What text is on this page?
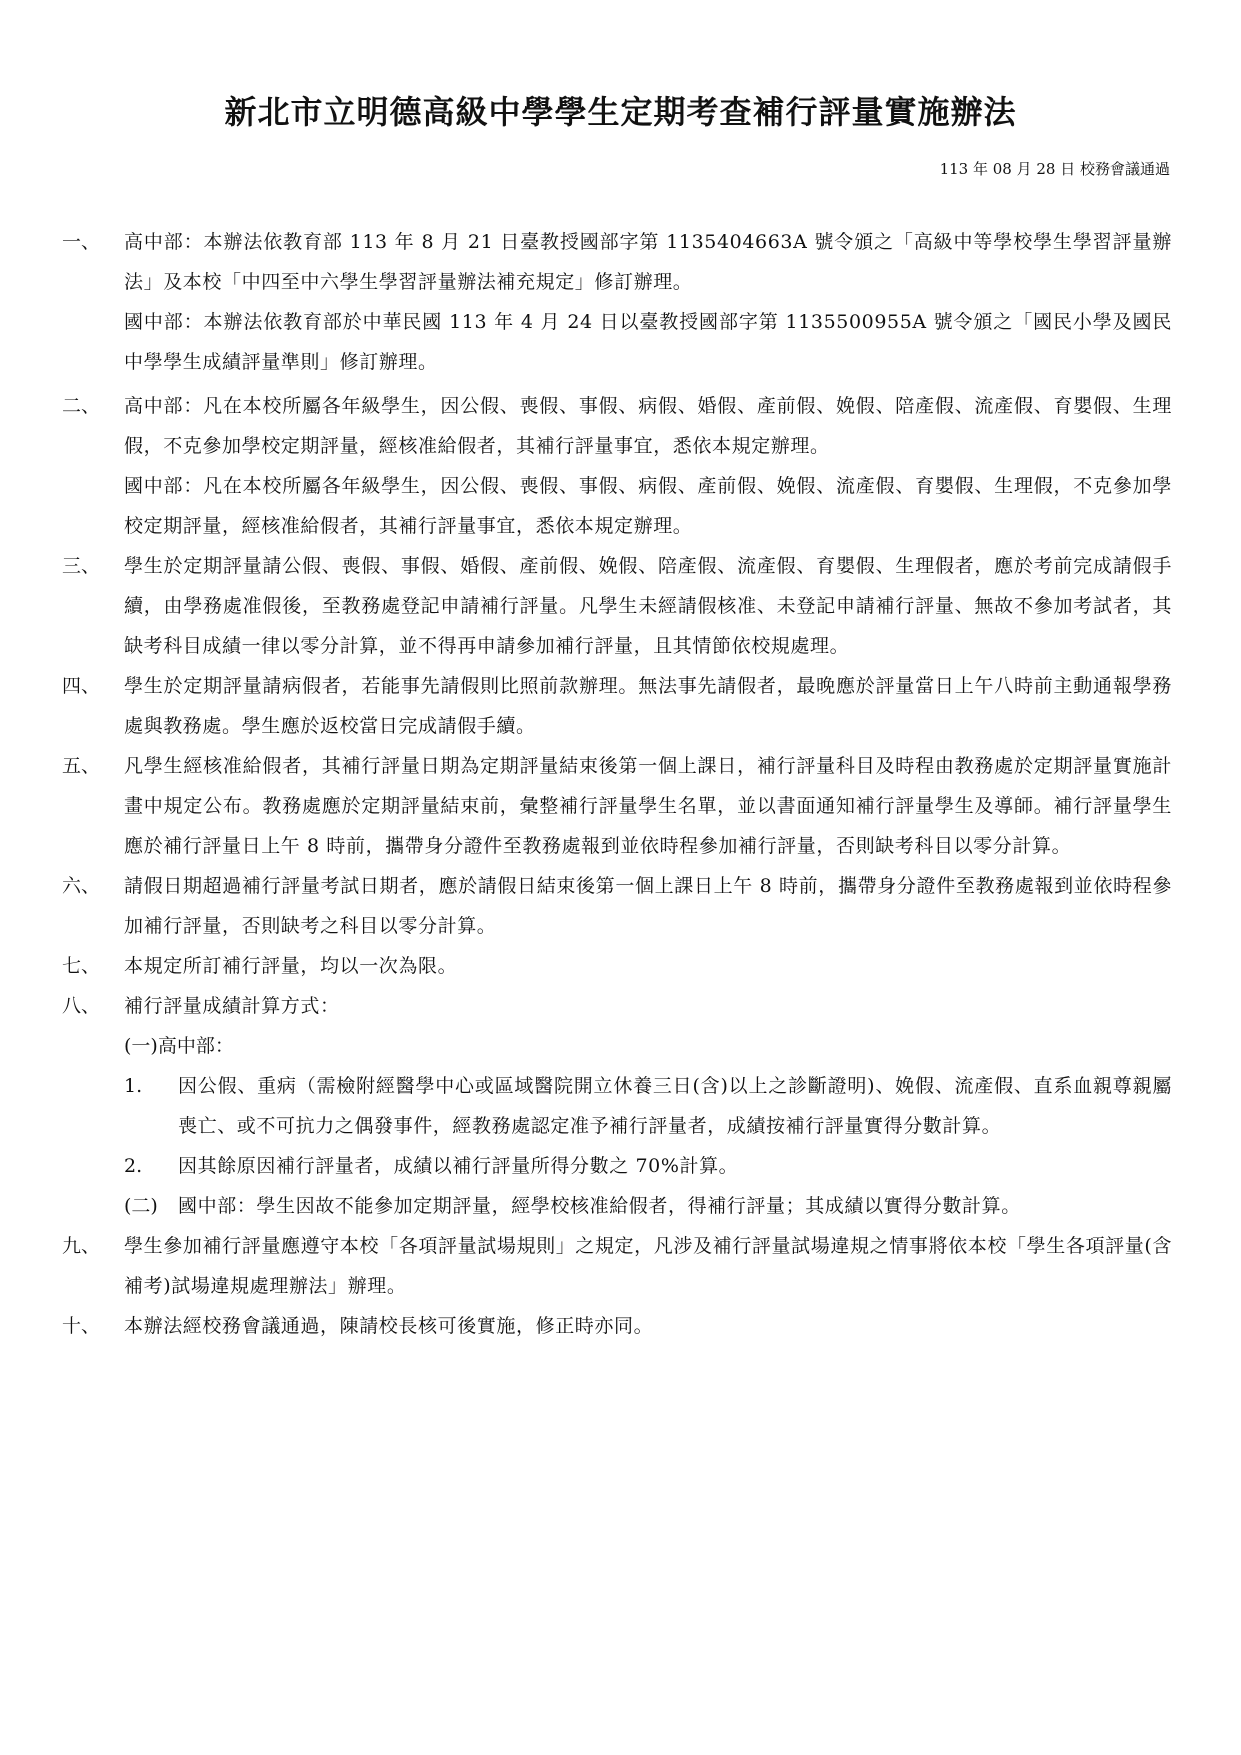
新北市立明德高級中學學生定期考查補行評量實施辦法
113 年 08 月 28 日 校務會議通過
一、	高中部：本辦法依教育部 113 年 8 月 21 日臺教授國部字第 1135404663A 號令頒之「高級中等學校學生學習評量辦法」及本校「中四至中六學生學習評量辦法補充規定」修訂辦理。
國中部：本辦法依教育部於中華民國 113 年 4 月 24 日以臺教授國部字第 1135500955A 號令頒之「國民小學及國民中學學生成績評量準則」修訂辦理。
二、	高中部：凡在本校所屬各年級學生，因公假、喪假、事假、病假、婚假、產前假、娩假、陪產假、流產假、育嬰假、生理假，不克參加學校定期評量，經核准給假者，其補行評量事宜，悉依本規定辦理。
國中部：凡在本校所屬各年級學生，因公假、喪假、事假、病假、產前假、娩假、流產假、育嬰假、生理假，不克參加學校定期評量，經核准給假者，其補行評量事宜，悉依本規定辦理。
三、	學生於定期評量請公假、喪假、事假、婚假、產前假、娩假、陪產假、流產假、育嬰假、生理假者，應於考前完成請假手續，由學務處准假後，至教務處登記申請補行評量。凡學生未經請假核准、未登記申請補行評量、無故不參加考試者，其缺考科目成績一律以零分計算，並不得再申請參加補行評量，且其情節依校規處理。
四、	學生於定期評量請病假者，若能事先請假則比照前款辦理。無法事先請假者，最晚應於評量當日上午八時前主動通報學務處與教務處。學生應於返校當日完成請假手續。
五、	凡學生經核准給假者，其補行評量日期為定期評量結束後第一個上課日，補行評量科目及時程由教務處於定期評量實施計畫中規定公布。教務處應於定期評量結束前，彙整補行評量學生名單，並以書面通知補行評量學生及導師。補行評量學生應於補行評量日上午 8 時前，攜帶身分證件至教務處報到並依時程參加補行評量，否則缺考科目以零分計算。
六、	請假日期超過補行評量考試日期者，應於請假日結束後第一個上課日上午 8 時前，攜帶身分證件至教務處報到並依時程參加補行評量，否則缺考之科目以零分計算。
七、	本規定所訂補行評量，均以一次為限。
八、	補行評量成績計算方式：
(一)高中部：
1.	因公假、重病（需檢附經醫學中心或區域醫院開立休養三日(含)以上之診斷證明)、娩假、流產假、直系血親尊親屬喪亡、或不可抗力之偶發事件，經教務處認定准予補行評量者，成績按補行評量實得分數計算。
2.	因其餘原因補行評量者，成績以補行評量所得分數之 70%計算。
(二)	國中部：學生因故不能參加定期評量，經學校核准給假者，得補行評量；其成績以實得分數計算。
九、	學生參加補行評量應遵守本校「各項評量試場規則」之規定，凡涉及補行評量試場違規之情事將依本校「學生各項評量(含補考)試場違規處理辦法」辦理。
十、	本辦法經校務會議通過，陳請校長核可後實施，修正時亦同。
